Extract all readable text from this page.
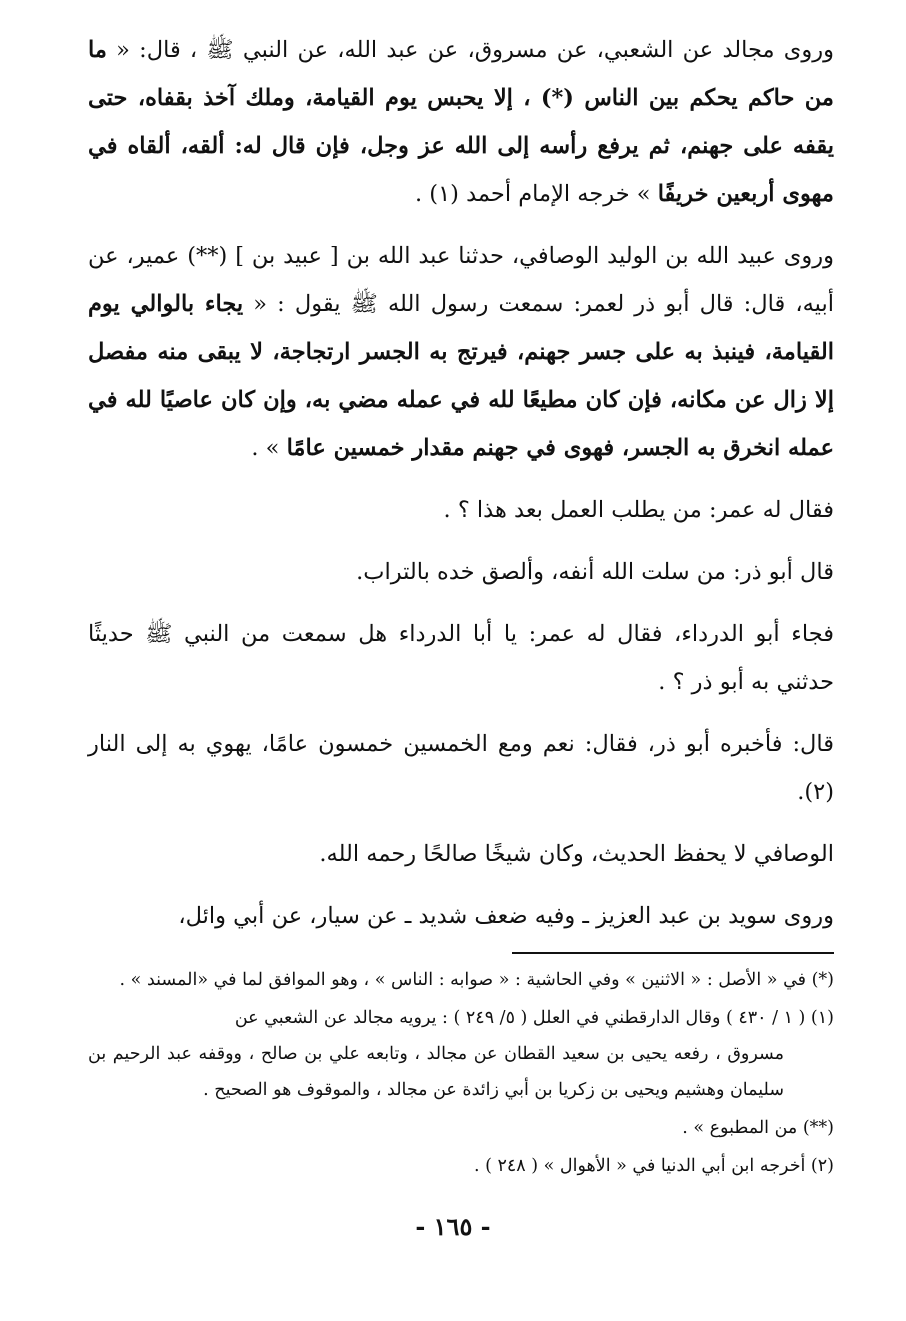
وروى مجالد عن الشعبي، عن مسروق، عن عبد الله، عن النبي ﷺ ، قال: « ما من حاكم يحكم بين الناس (*) ، إلا يحبس يوم القيامة، وملك آخذ بقفاه، حتى يقفه على جهنم، ثم يرفع رأسه إلى الله عز وجل، فإن قال له: ألقه، ألقاه في مهوى أربعين خريفًا » خرجه الإمام أحمد (١) .
وروى عبيد الله بن الوليد الوصافي، حدثنا عبد الله بن [ عبيد بن ] (**) عمير، عن أبيه، قال: قال أبو ذر لعمر: سمعت رسول الله ﷺ يقول : « يجاء بالوالي يوم القيامة، فينبذ به على جسر جهنم، فيرتج به الجسر ارتجاجة، لا يبقى منه مفصل إلا زال عن مكانه، فإن كان مطيعًا لله في عمله مضي به، وإن كان عاصيًا لله في عمله انخرق به الجسر، فهوى في جهنم مقدار خمسين عامًا » .
فقال له عمر: من يطلب العمل بعد هذا ؟ .
قال أبو ذر: من سلت الله أنفه، وألصق خده بالتراب.
فجاء أبو الدرداء، فقال له عمر: يا أبا الدرداء هل سمعت من النبي ﷺ حديثًا حدثني به أبو ذر ؟ .
قال: فأخبره أبو ذر، فقال: نعم ومع الخمسين خمسون عامًا، يهوي به إلى النار (٢).
الوصافي لا يحفظ الحديث، وكان شيخًا صالحًا رحمه الله.
وروى سويد بن عبد العزيز ـ وفيه ضعف شديد ـ عن سيار، عن أبي وائل،
(*) في « الأصل : « الاثنين » وفي الحاشية : « صوابه : الناس » ، وهو الموافق لما في «المسند » .
(١) ( ١ / ٤٣٠ ) وقال الدارقطني في العلل ( ٥/ ٢٤٩ ) : يرويه مجالد عن الشعبي عن
مسروق ، رفعه يحيى بن سعيد القطان عن مجالد ، وتابعه علي بن صالح ، ووقفه عبد الرحيم بن سليمان وهشيم ويحيى بن زكريا بن أبي زائدة عن مجالد ، والموقوف هو الصحيح .
(**) من المطبوع » .
(٢) أخرجه ابن أبي الدنيا في « الأهوال » ( ٢٤٨ ) .
- ١٦٥ -
